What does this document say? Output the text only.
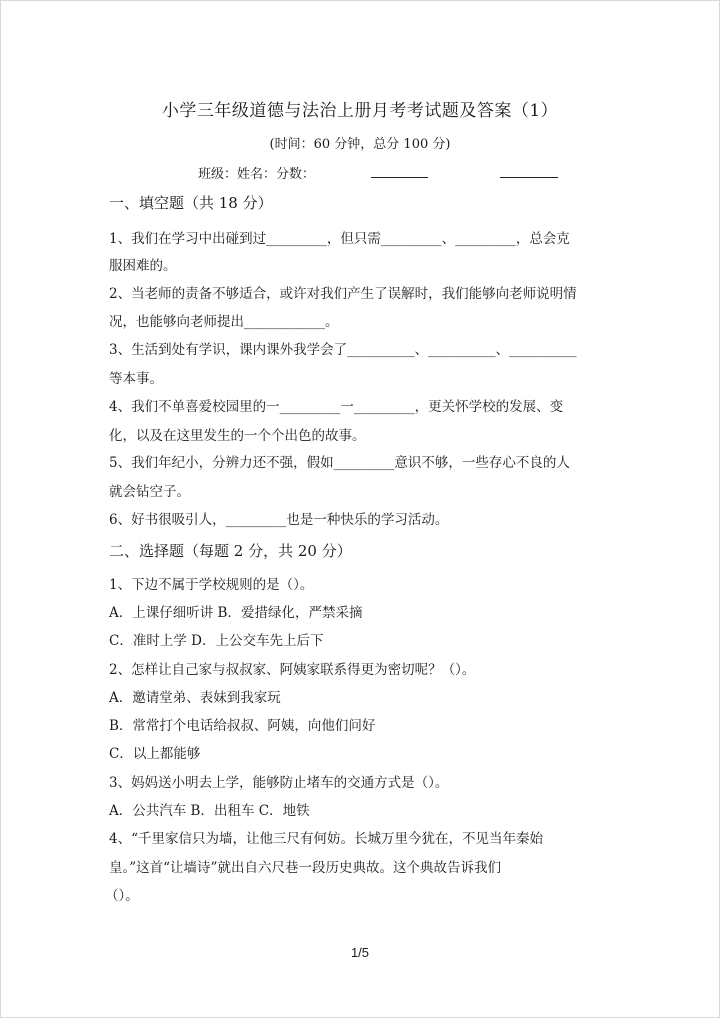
小学三年级道德与法治上册月考考试题及答案（1）
(时间：60 分钟，总分 100 分)
班级：姓名：分数：
一、填空题（共 18 分）
1、我们在学习中出碰到过_________，但只需_________、_________，总会克
服困难的。
2、当老师的责备不够适合，或许对我们产生了误解时，我们能够向老师说明情
况，也能够向老师提出____________。
3、生活到处有学识，课内课外我学会了__________、__________、__________
等本事。
4、我们不单喜爱校园里的一_________一_________，更关怀学校的发展、变
化，以及在这里发生的一个个出色的故事。
5、我们年纪小，分辨力还不强，假如_________意识不够，一些存心不良的人
就会钻空子。
6、好书很吸引人，_________也是一种快乐的学习活动。
二、选择题（每题 2 分，共 20 分）
1、下边不属于学校规则的是（）。
A．上课仔细听讲 B．爱措绿化，严禁采摘
C．准时上学 D．上公交车先上后下
2、怎样让自己家与叔叔家、阿姨家联系得更为密切呢？（）。
A．邀请堂弟、表妹到我家玩
B．常常打个电话给叔叔、阿姨，向他们问好
C．以上都能够
3、妈妈送小明去上学，能够防止堵车的交通方式是（）。
A．公共汽车 B．出租车 C．地铁
4、“千里家信只为墙，让他三尺有何妨。长城万里今犹在，不见当年秦始
皇。”这首“让墙诗”就出自六尺巷一段历史典故。这个典故告诉我们
（）。
1/5
